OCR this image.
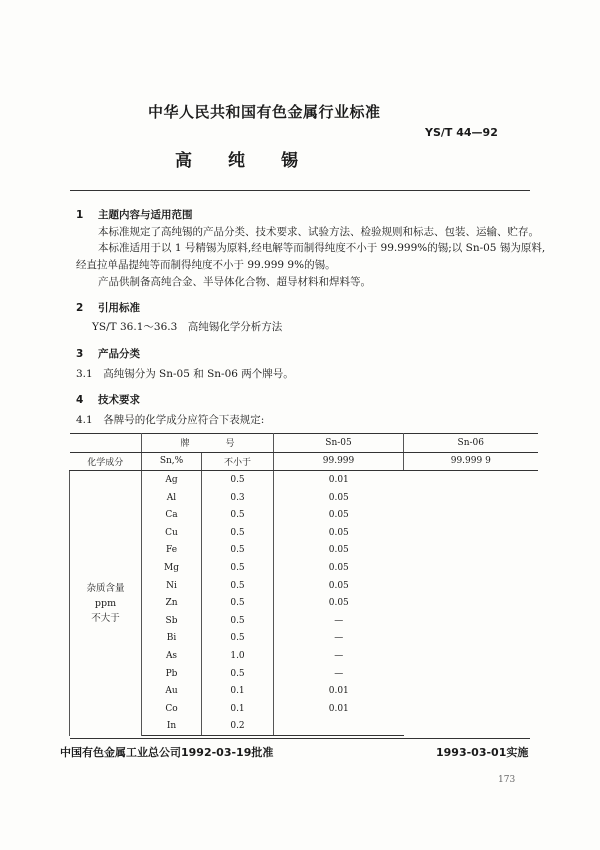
中华人民共和国有色金属行业标准
YS/T 44—92
高纯锡
1 主题内容与适用范围
本标准规定了高纯锡的产品分类、技术要求、试验方法、检验规则和标志、包装、运输、贮存。
本标准适用于以 1 号精锡为原料,经电解等而制得纯度不小于 99.999%的锡;以 Sn-05 锡为原料,
经直拉单晶提纯等而制得纯度不小于 99.999 9%的锡。
产品供制备高纯合金、半导体化合物、超导材料和焊料等。
2 引用标准
YS/T 36.1～36.3　高纯锡化学分析方法
3 产品分类
3.1　高纯锡分为 Sn-05 和 Sn-06 两个牌号。
4 技术要求
4.1　各牌号的化学成分应符合下表规定:
	牌　　　　号		Sn-05	Sn-06
化学成分	Sn,%	不小于	99.999	99.999 9

杂质含量
ppm
不大于	Ag	0.5	0.01	
	Al	0.3	0.05	
	Ca	0.5	0.05	
	Cu	0.5	0.05	
	Fe	0.5	0.05	
	Mg	0.5	0.05	
	Ni	0.5	0.05	
	Zn	0.5	0.05	
	Sb	0.5	—	
	Bi	0.5	—	
	As	1.0	—	
	Pb	0.5	—	
	Au	0.1	0.01	
	Co	0.1	0.01	
	In	0.2		
中国有色金属工业总公司1992-03-19批准	1993-03-01实施
173
